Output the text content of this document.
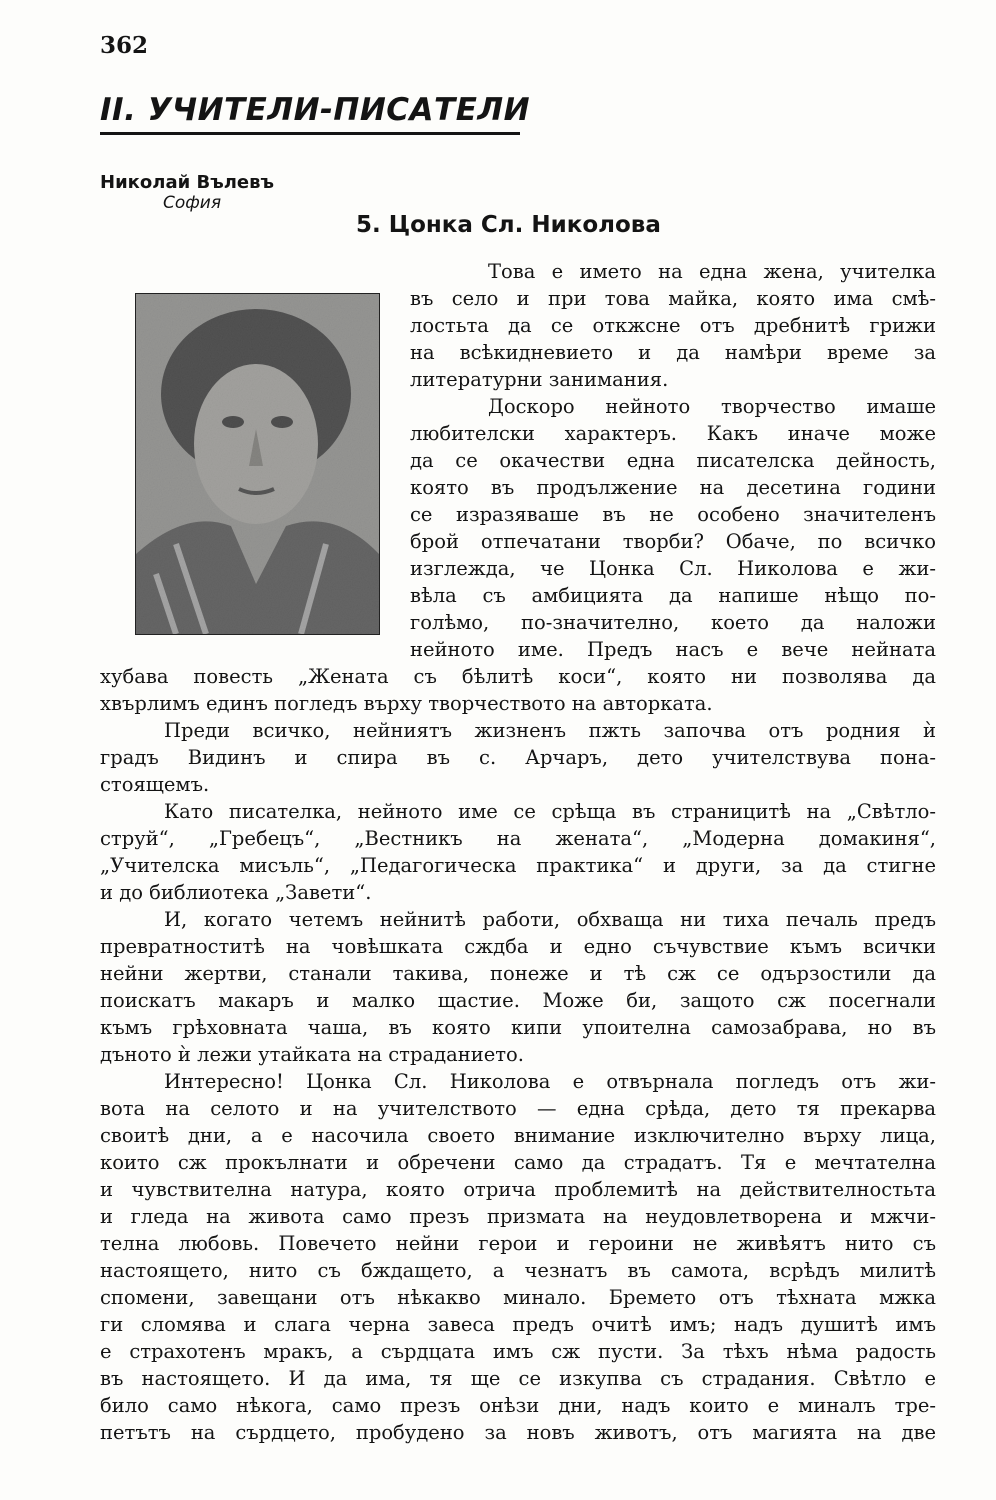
362
II. УЧИТЕЛИ-ПИСАТЕЛИ
Николай Вълевъ
София
5. Цонка Сл. Николова
Това е името на една жена, учителка
въ село и при това майка, която има смѣ-
лостьта да се откжсне отъ дребнитѣ грижи
на всѣкидневието и да намѣри време за
литературни занимания.
Доскоро нейното творчество имаше
любителски характеръ. Какъ иначе може
да се окачестви една писателска дейность,
която въ продължение на десетина години
се изразяваше въ не особено значителенъ
брой отпечатани творби? Обаче, по всичко
изглежда, че Цонка Сл. Николова е жи-
вѣла съ амбицията да напише нѣщо по-
голѣмо, по-значително, което да наложи
нейното име. Предъ насъ е вече нейната
хубава повесть „Жената съ бѣлитѣ коси“, която ни позволява да
хвърлимъ единъ погледъ върху творчеството на авторката.
Преди всичко, нейниятъ жизненъ пжть започва отъ родния ѝ
градъ Видинъ и спира въ с. Арчаръ, дето учителствува пона-
стоящемъ.
Като писателка, нейното име се срѣща въ страницитѣ на „Свѣтло-
струй“, „Гребецъ“, „Вестникъ на жената“, „Модерна домакиня“,
„Учителска мисъль“, „Педагогическа практика“ и други, за да стигне
и до библиотека „Завети“.
И, когато четемъ нейнитѣ работи, обхваща ни тиха печаль предъ
превратноститѣ на човѣшката сждба и едно съчувствие къмъ всички
нейни жертви, станали такива, понеже и тѣ сж се одързостили да
поискатъ макаръ и малко щастие. Може би, защото сж посегнали
къмъ грѣховната чаша, въ която кипи упоителна самозабрава, но въ
дъното ѝ лежи утайката на страданието.
Интересно! Цонка Сл. Николова е отвърнала погледъ отъ жи-
вота на селото и на учителството — една срѣда, дето тя прекарва
своитѣ дни, а е насочила своето внимание изключително върху лица,
които сж прокълнати и обречени само да страдатъ. Тя е мечтателна
и чувствителна натура, която отрича проблемитѣ на действителностьта
и гледа на живота само презъ призмата на неудовлетворена и мжчи-
телна любовь. Повечето нейни герои и героини не живѣятъ нито съ
настоящето, нито съ бждащето, а чезнатъ въ самота, всрѣдъ милитѣ
спомени, завещани отъ нѣкакво минало. Бремето отъ тѣхната мжка
ги сломява и слага черна завеса предъ очитѣ имъ; надъ душитѣ имъ
е страхотенъ мракъ, а сърдцата имъ сж пусти. За тѣхъ нѣма радость
въ настоящето. И да има, тя ще се изкупва съ страдания. Свѣтло е
било само нѣкога, само презъ онѣзи дни, надъ които е миналъ тре-
петътъ на сърдцето, пробудено за новъ животъ, отъ магията на две
